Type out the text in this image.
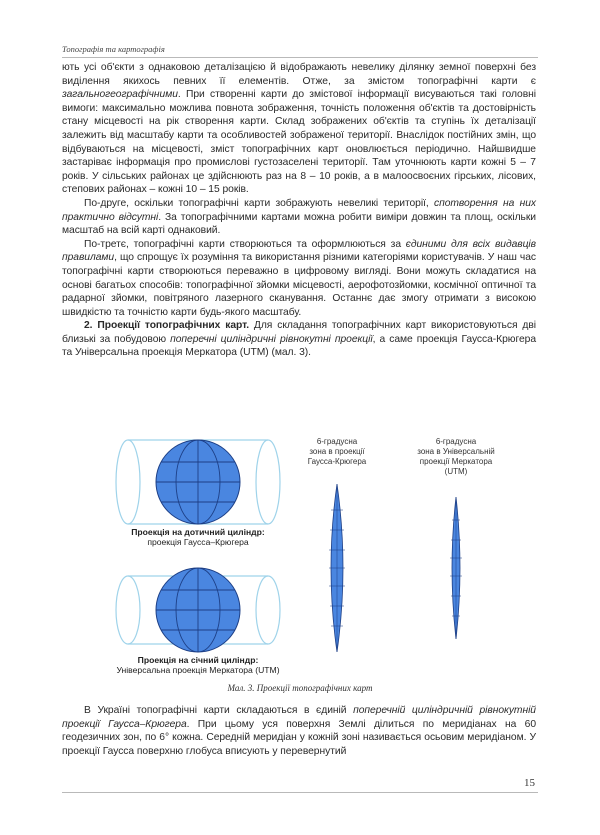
Топографія та картографія

ють усі об'єкти з однаковою деталізацією й відображають невелику ділянку земної поверхні без виділення якихось певних її елементів. Отже, за змістом топографічні карти є загальногеографічними. При створенні карти до змістової інформації висуваються такі головні вимоги: максимально можлива повнота зображення, точність положення об'єктів та достовірність стану місцевості на рік створення карти. Склад зображених об'єктів та ступінь їх деталізації залежить від масштабу карти та особливостей зображеної території. Внаслідок постійних змін, що відбуваються на місцевості, зміст топографічних карт оновлюється періодично. Найшвидше застаріває інформація про промислові густозаселені території. Там уточнюють карти кожні 5 – 7 років. У сільських районах це здійснюють раз на 8 – 10 років, а в малоосвоєних гірських, лісових, степових районах – кожні 10 – 15 років.

По-друге, оскільки топографічні карти зображують невеликі території, спотворення на них практично відсутні. За топографічними картами можна робити виміри довжин та площ, оскільки масштаб на всій карті однаковий.

По-третє, топографічні карти створюються та оформлюються за єдиними для всіх видавців правилами, що спрощує їх розуміння та використання різними категоріями користувачів. У наш час топографічні карти створюються переважно в цифровому вигляді. Вони можуть складатися на основі багатьох способів: топографічної зйомки місцевості, аерофотозйомки, космічної оптичної та радарної зйомки, повітряного лазерного сканування. Останнє дає змогу отримати з високою швидкістю та точністю карти будь-якого масштабу.

2. Проекції топографічних карт. Для складання топографічних карт використовуються дві близькі за побудовою поперечні циліндричні рівнокутні проекції, а саме проекція Гаусса-Крюгера та Універсальна проекція Меркатора (UTM) (мал. 3).

Проекція на дотичний циліндр:
проекція Гаусса–Крюгера
Проекція на січний циліндр:
Універсальна проекція Меркатора (UTM)
6-градусна
зона в проекції
Гаусса-Крюгера
6-градусна
зона в Універсальній
проекції Меркатора
(UTM)
Мал. 3. Проекції топографічних карт

В Україні топографічні карти складаються в єдиній поперечній циліндричній рівнокутній проекції Гаусса–Крюгера. При цьому уся поверхня Землі ділиться по меридіанах на 60 геодезичних зон, по 6° кожна. Середній меридіан у кожній зоні називається осьовим меридіаном. У проекції Гаусса поверхню глобуса вписують у перевернутий

15
